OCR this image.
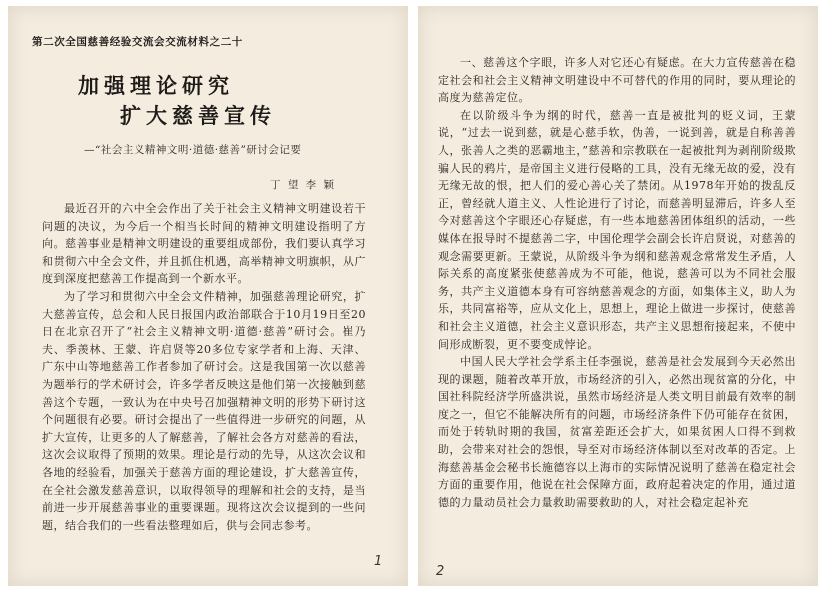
第二次全国慈善经验交流会交流材料之二十
加强理论研究
扩大慈善宣传
—“社会主义精神文明·道德·慈善”研讨会记要
丁 望 李 颖

最近召开的六中全会作出了关于社会主义精神文明建设若干问题的决议，为今后一个相当长时间的精神文明建设指明了方向。慈善事业是精神文明建设的重要组成部份，我们要认真学习和贯彻六中全会文件，并且抓住机遇，高举精神文明旗帜，从广度到深度把慈善工作提高到一个新水平。

为了学习和贯彻六中全会文件精神，加强慈善理论研究，扩大慈善宣传，总会和人民日报国内政治部联合于10月19日至20日在北京召开了“社会主义精神文明·道德·慈善”研讨会。崔乃夫、季羡林、王蒙、许启贤等20多位专家学者和上海、天津、广东中山等地慈善工作者参加了研讨会。这是我国第一次以慈善为题举行的学术研讨会，许多学者反映这是他们第一次接触到慈善这个专题，一致认为在中央号召加强精神文明的形势下研讨这个问题很有必要。研讨会提出了一些值得进一步研究的问题，从扩大宣传，让更多的人了解慈善，了解社会各方对慈善的看法，这次会议取得了预期的效果。理论是行动的先导，从这次会议和各地的经验看，加强关于慈善方面的理论建设，扩大慈善宣传，在全社会激发慈善意识，以取得领导的理解和社会的支持，是当前进一步开展慈善事业的重要课题。现将这次会议提到的一些问题，结合我们的一些看法整理如后，供与会同志参考。

1

一、慈善这个字眼，许多人对它还心有疑虑。在大力宣传慈善在稳定社会和社会主义精神文明建设中不可替代的作用的同时，要从理论的高度为慈善定位。

在以阶级斗争为纲的时代，慈善一直是被批判的贬义词，王蒙说，“过去一说到慈，就是心慈手软，伪善，一说到善，就是自称善善人，张善人之类的恶霸地主，”慈善和宗教联在一起被批判为剥削阶级欺骗人民的鸦片，是帝国主义进行侵略的工具，没有无缘无故的爱，没有无缘无故的恨，把人们的爱心善心关了禁闭。从1978年开始的拨乱反正，曾经就人道主义、人性论进行了讨论，而慈善明显滞后，许多人至今对慈善这个字眼还心存疑虑，有一些本地慈善团体组织的活动，一些媒体在报导时不提慈善二字，中国伦理学会副会长许启贤说，对慈善的观念需要更新。王蒙说，从阶级斗争为纲和慈善观念常常发生矛盾，人际关系的高度紧张使慈善成为不可能，他说，慈善可以为不同社会服务，共产主义道德本身有可容纳慈善观念的方面，如集体主义，助人为乐，共同富裕等，应从文化上，思想上，理论上做进一步探讨，使慈善和社会主义道德，社会主义意识形态，共产主义思想衔接起来，不使中间形成断裂，更不要变成悖论。

中国人民大学社会学系主任李强说，慈善是社会发展到今天必然出现的课题，随着改革开放，市场经济的引入，必然出现贫富的分化，中国社科院经济学所盛洪说，虽然市场经济是人类文明目前最有效率的制度之一，但它不能解决所有的问题，市场经济条件下仍可能存在贫困，而处于转轨时期的我国，贫富差距还会扩大，如果贫困人口得不到救助，会带来对社会的怨恨，导至对市场经济体制以至对改革的否定。上海慈善基金会秘书长施德容以上海市的实际情况说明了慈善在稳定社会方面的重要作用，他说在社会保障方面，政府起着决定的作用，通过道德的力量动员社会力量救助需要救助的人，对社会稳定起补充

2
